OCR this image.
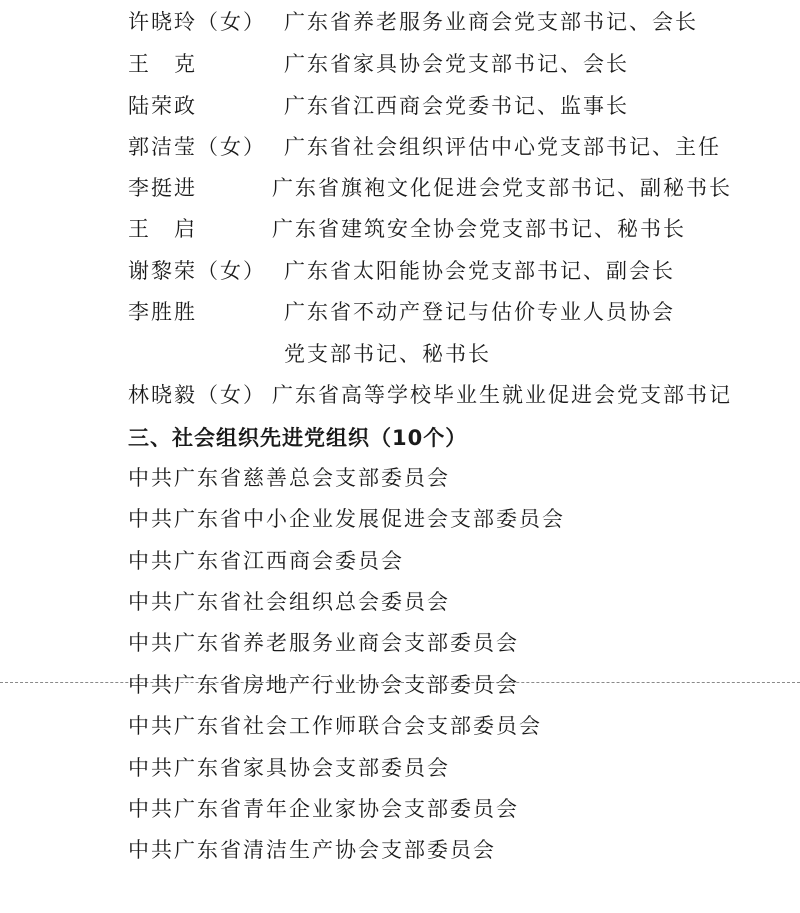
许晓玲（女） 广东省养老服务业商会党支部书记、会长
王　克	广东省家具协会党支部书记、会长
陆荣政	广东省江西商会党委书记、监事长
郭洁莹（女） 广东省社会组织评估中心党支部书记、主任
李挺进	广东省旗袍文化促进会党支部书记、副秘书长
王　启	广东省建筑安全协会党支部书记、秘书长
谢黎荣（女） 广东省太阳能协会党支部书记、副会长
李胜胜	广东省不动产登记与估价专业人员协会
党支部书记、秘书长
林晓毅（女） 广东省高等学校毕业生就业促进会党支部书记
三、社会组织先进党组织（10个）
中共广东省慈善总会支部委员会
中共广东省中小企业发展促进会支部委员会
中共广东省江西商会委员会
中共广东省社会组织总会委员会
中共广东省养老服务业商会支部委员会
中共广东省房地产行业协会支部委员会
中共广东省社会工作师联合会支部委员会
中共广东省家具协会支部委员会
中共广东省青年企业家协会支部委员会
中共广东省清洁生产协会支部委员会
